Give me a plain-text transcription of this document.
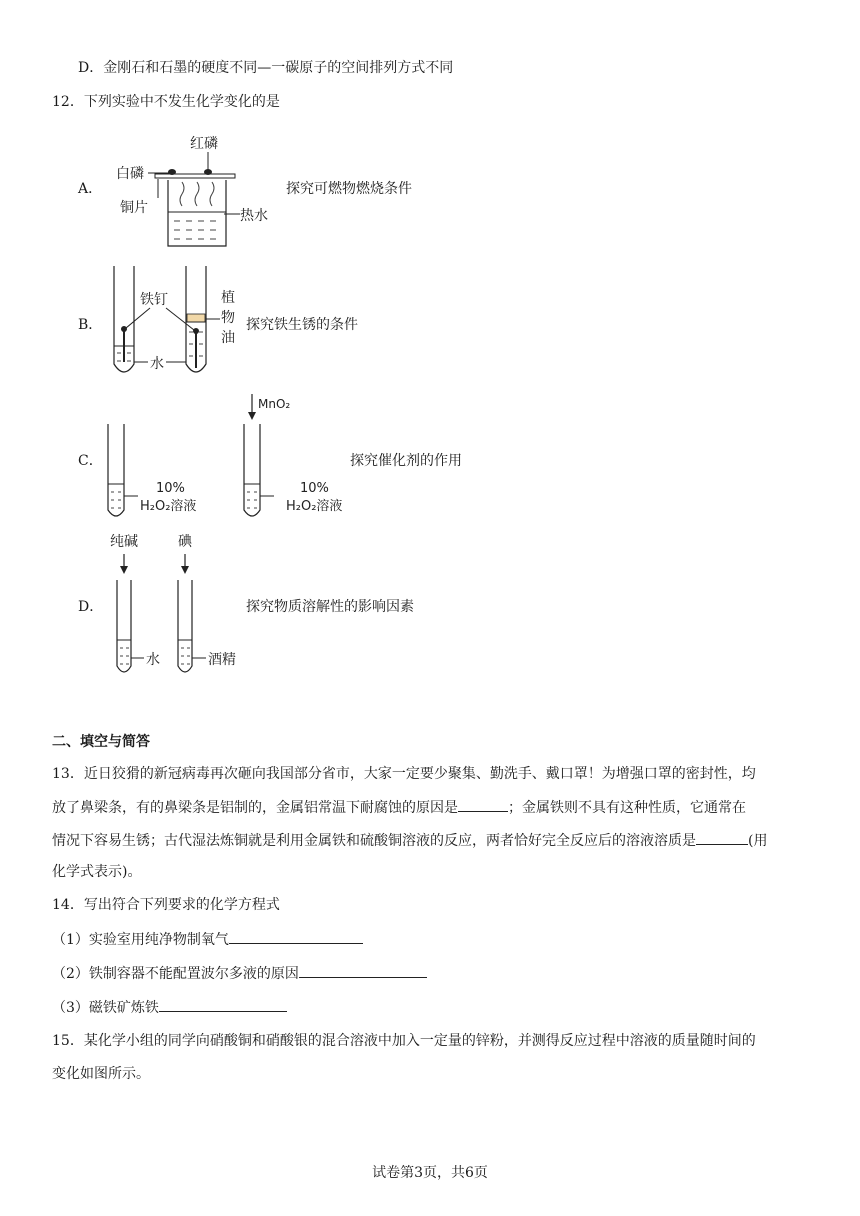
D．金刚石和石墨的硬度不同—一碳原子的空间排列方式不同
12．下列实验中不发生化学变化的是
A．
红磷
白磷
铜片	热水
探究可燃物燃烧条件
B．
铁钉	植
物
油
水
探究铁生锈的条件
C．
10%
H₂O₂溶液
10%
H₂O₂溶液
MnO₂
探究催化剂的作用
D．
纯碱	碘
水	酒精
探究物质溶解性的影响因素
二、填空与简答
13．近日狡猾的新冠病毒再次砸向我国部分省市，大家一定要少聚集、勤洗手、戴口罩！为增强口罩的密封性，均
放了鼻梁条，有的鼻梁条是铝制的，金属铝常温下耐腐蚀的原因是	；金属铁则不具有这种性质，它通常在
情况下容易生锈；古代湿法炼铜就是利用金属铁和硫酸铜溶液的反应，两者恰好完全反应后的溶液溶质是	(用
化学式表示)。
14．写出符合下列要求的化学方程式
（1）实验室用纯净物制氧气
（2）铁制容器不能配置波尔多液的原因
（3）磁铁矿炼铁
15．某化学小组的同学向硝酸铜和硝酸银的混合溶液中加入一定量的锌粉，并测得反应过程中溶液的质量随时间的
变化如图所示。
试卷第3页，共6页
